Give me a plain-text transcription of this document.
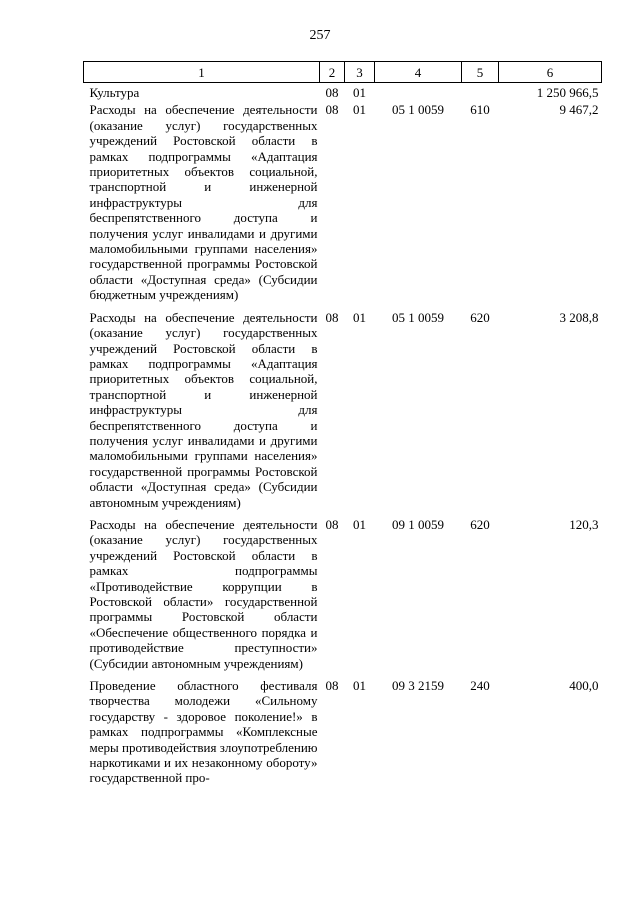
257
1	2	3	4	5	6
Культура	08	01			1 250 966,5
Расходы на обеспечение деятельности (оказание услуг) государственных учреждений Ростовской области в рамках подпрограммы «Адаптация приоритетных объектов социальной, транспортной и инженерной инфраструктуры для беспрепятственного доступа и получения услуг инвалидами и другими маломобильными группами населения» государственной программы Ростовской области «Доступная среда» (Субсидии бюджетным учреждениям)	08	01	05 1 0059	610	9 467,2
Расходы на обеспечение деятельности (оказание услуг) государственных учреждений Ростовской области в рамках подпрограммы «Адаптация приоритетных объектов социальной, транспортной и инженерной инфраструктуры для беспрепятственного доступа и получения услуг инвалидами и другими маломобильными группами населения» государственной программы Ростовской области «Доступная среда» (Субсидии автономным учреждениям)	08	01	05 1 0059	620	3 208,8
Расходы на обеспечение деятельности (оказание услуг) государственных учреждений Ростовской области в рамках подпрограммы «Противодействие коррупции в Ростовской области» государственной программы Ростовской области «Обеспечение общественного порядка и противодействие преступности» (Субсидии автономным учреждениям)	08	01	09 1 0059	620	120,3
Проведение областного фестиваля творчества молодежи «Сильному государству - здоровое поколение!» в рамках подпрограммы «Комплексные меры противодействия злоупотреблению наркотиками и их незаконному обороту» государственной про-	08	01	09 3 2159	240	400,0
